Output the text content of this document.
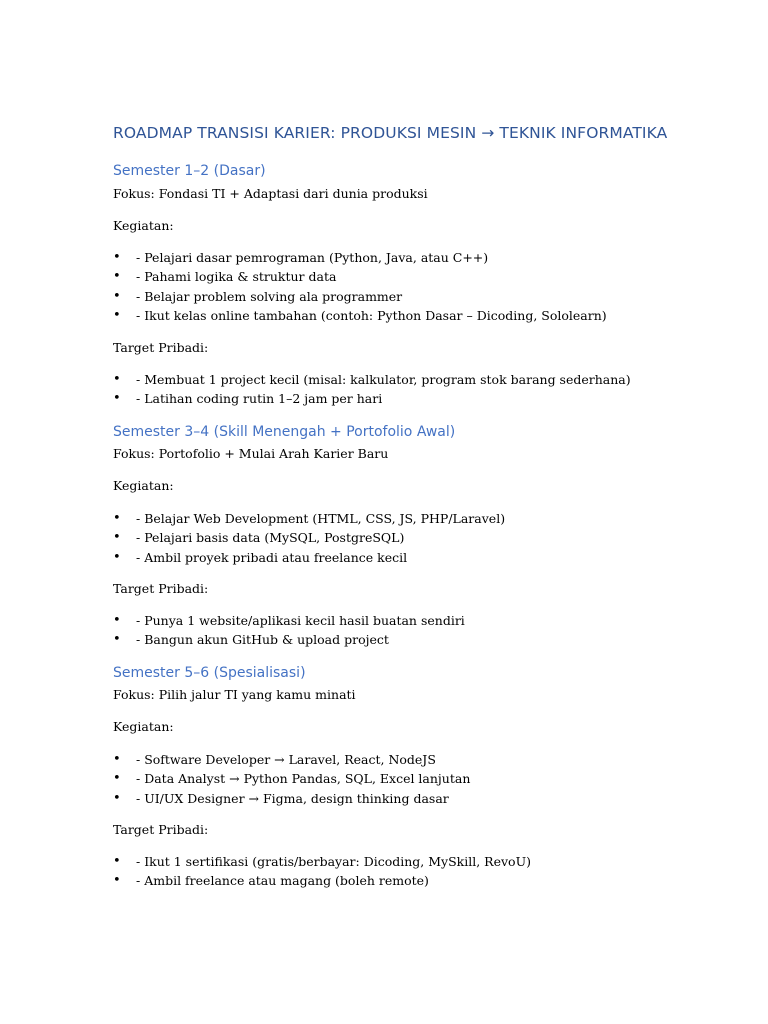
ROADMAP TRANSISI KARIER: PRODUKSI MESIN → TEKNIK INFORMATIKA
Semester 1–2 (Dasar)

Fokus: Fondasi TI + Adaptasi dari dunia produksi

Kegiatan:

• - Pelajari dasar pemrograman (Python, Java, atau C++)
• - Pahami logika & struktur data
• - Belajar problem solving ala programmer
• - Ikut kelas online tambahan (contoh: Python Dasar – Dicoding, Sololearn)

Target Pribadi:

• - Membuat 1 project kecil (misal: kalkulator, program stok barang sederhana)
• - Latihan coding rutin 1–2 jam per hari
Semester 3–4 (Skill Menengah + Portofolio Awal)

Fokus: Portofolio + Mulai Arah Karier Baru

Kegiatan:

• - Belajar Web Development (HTML, CSS, JS, PHP/Laravel)
• - Pelajari basis data (MySQL, PostgreSQL)
• - Ambil proyek pribadi atau freelance kecil

Target Pribadi:

• - Punya 1 website/aplikasi kecil hasil buatan sendiri
• - Bangun akun GitHub & upload project
Semester 5–6 (Spesialisasi)

Fokus: Pilih jalur TI yang kamu minati

Kegiatan:

• - Software Developer → Laravel, React, NodeJS
• - Data Analyst → Python Pandas, SQL, Excel lanjutan
• - UI/UX Designer → Figma, design thinking dasar

Target Pribadi:

• - Ikut 1 sertifikasi (gratis/berbayar: Dicoding, MySkill, RevoU)
• - Ambil freelance atau magang (boleh remote)
